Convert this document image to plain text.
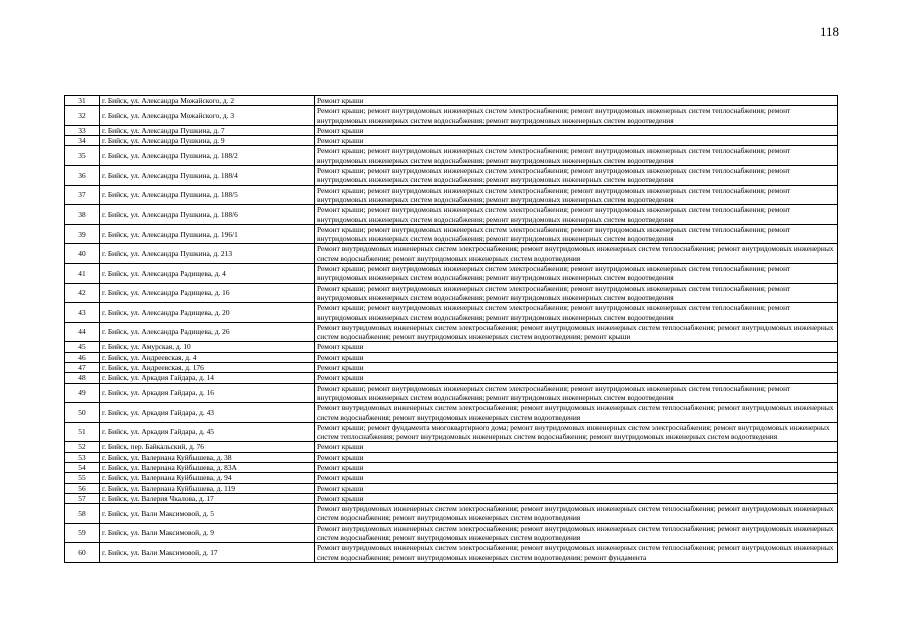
118
31	г. Бийск, ул. Александра Можайского, д. 2	Ремонт крыши
32	г. Бийск, ул. Александра Можайского, д. 3	Ремонт крыши; ремонт внутридомовых инженерных систем электроснабжения; ремонт внутридомовых инженерных систем теплоснабжения; ремонт внутридомовых инженерных систем водоснабжения; ремонт внутридомовых инженерных систем водоотведения
33	г. Бийск, ул. Александра Пушкина, д. 7	Ремонт крыши
34	г. Бийск, ул. Александра Пушкина, д. 9	Ремонт крыши
35	г. Бийск, ул. Александра Пушкина, д. 188/2	Ремонт крыши; ремонт внутридомовых инженерных систем электроснабжения; ремонт внутридомовых инженерных систем теплоснабжения; ремонт внутридомовых инженерных систем водоснабжения; ремонт внутридомовых инженерных систем водоотведения
36	г. Бийск, ул. Александра Пушкина, д. 188/4	Ремонт крыши; ремонт внутридомовых инженерных систем электроснабжения; ремонт внутридомовых инженерных систем теплоснабжения; ремонт внутридомовых инженерных систем водоснабжения; ремонт внутридомовых инженерных систем водоотведения
37	г. Бийск, ул. Александра Пушкина, д. 188/5	Ремонт крыши; ремонт внутридомовых инженерных систем электроснабжения; ремонт внутридомовых инженерных систем теплоснабжения; ремонт внутридомовых инженерных систем водоснабжения; ремонт внутридомовых инженерных систем водоотведения
38	г. Бийск, ул. Александра Пушкина, д. 188/6	Ремонт крыши; ремонт внутридомовых инженерных систем электроснабжения; ремонт внутридомовых инженерных систем теплоснабжения; ремонт внутридомовых инженерных систем водоснабжения; ремонт внутридомовых инженерных систем водоотведения
39	г. Бийск, ул. Александра Пушкина, д. 196/1	Ремонт крыши; ремонт внутридомовых инженерных систем электроснабжения; ремонт внутридомовых инженерных систем теплоснабжения; ремонт внутридомовых инженерных систем водоснабжения; ремонт внутридомовых инженерных систем водоотведения
40	г. Бийск, ул. Александра Пушкина, д. 213	Ремонт внутридомовых инженерных систем электроснабжения; ремонт внутридомовых инженерных систем теплоснабжения; ремонт внутридомовых инженерных систем водоснабжения; ремонт внутридомовых инженерных систем водоотведения
41	г. Бийск, ул. Александра Радищева, д. 4	Ремонт крыши; ремонт внутридомовых инженерных систем электроснабжения; ремонт внутридомовых инженерных систем теплоснабжения; ремонт внутридомовых инженерных систем водоснабжения; ремонт внутридомовых инженерных систем водоотведения
42	г. Бийск, ул. Александра Радищева, д. 16	Ремонт крыши; ремонт внутридомовых инженерных систем электроснабжения; ремонт внутридомовых инженерных систем теплоснабжения; ремонт внутридомовых инженерных систем водоснабжения; ремонт внутридомовых инженерных систем водоотведения
43	г. Бийск, ул. Александра Радищева, д. 20	Ремонт крыши; ремонт внутридомовых инженерных систем электроснабжения; ремонт внутридомовых инженерных систем теплоснабжения; ремонт внутридомовых инженерных систем водоснабжения; ремонт внутридомовых инженерных систем водоотведения
44	г. Бийск, ул. Александра Радищева, д. 26	Ремонт внутридомовых инженерных систем электроснабжения; ремонт внутридомовых инженерных систем теплоснабжения; ремонт внутридомовых инженерных систем водоснабжения; ремонт внутридомовых инженерных систем водоотведения; ремонт крыши
45	г. Бийск, ул. Амурская, д. 10	Ремонт крыши
46	г. Бийск, ул. Андреевская, д. 4	Ремонт крыши
47	г. Бийск, ул. Андреевская, д. 176	Ремонт крыши
48	г. Бийск, ул. Аркадия Гайдара, д. 14	Ремонт крыши
49	г. Бийск, ул. Аркадия Гайдара, д. 16	Ремонт крыши; ремонт внутридомовых инженерных систем электроснабжения; ремонт внутридомовых инженерных систем теплоснабжения; ремонт внутридомовых инженерных систем водоснабжения; ремонт внутридомовых инженерных систем водоотведения
50	г. Бийск, ул. Аркадия Гайдара, д. 43	Ремонт внутридомовых инженерных систем электроснабжения; ремонт внутридомовых инженерных систем теплоснабжения; ремонт внутридомовых инженерных систем водоснабжения; ремонт внутридомовых инженерных систем водоотведения
51	г. Бийск, ул. Аркадия Гайдара, д. 45	Ремонт крыши; ремонт фундамента многоквартирного дома; ремонт внутридомовых инженерных систем электроснабжения; ремонт внутридомовых инженерных систем теплоснабжения; ремонт внутридомовых инженерных систем водоснабжения; ремонт внутридомовых инженерных систем водоотведения
52	г. Бийск, пер. Байкальский, д. 76	Ремонт крыши
53	г. Бийск, ул. Валериана Куйбышева, д. 38	Ремонт крыши
54	г. Бийск, ул. Валериана Куйбышева, д. 83А	Ремонт крыши
55	г. Бийск, ул. Валериана Куйбышева, д. 94	Ремонт крыши
56	г. Бийск, ул. Валериана Куйбышева, д. 119	Ремонт крыши
57	г. Бийск, ул. Валерия Чкалова, д. 17	Ремонт крыши
58	г. Бийск, ул. Вали Максимовой, д. 5	Ремонт внутридомовых инженерных систем электроснабжения; ремонт внутридомовых инженерных систем теплоснабжения; ремонт внутридомовых инженерных систем водоснабжения; ремонт внутридомовых инженерных систем водоотведения
59	г. Бийск, ул. Вали Максимовой, д. 9	Ремонт внутридомовых инженерных систем электроснабжения; ремонт внутридомовых инженерных систем теплоснабжения; ремонт внутридомовых инженерных систем водоснабжения; ремонт внутридомовых инженерных систем водоотведения
60	г. Бийск, ул. Вали Максимовой, д. 17	Ремонт внутридомовых инженерных систем электроснабжения; ремонт внутридомовых инженерных систем теплоснабжения; ремонт внутридомовых инженерных систем водоснабжения; ремонт внутридомовых инженерных систем водоотведения; ремонт фундамента
